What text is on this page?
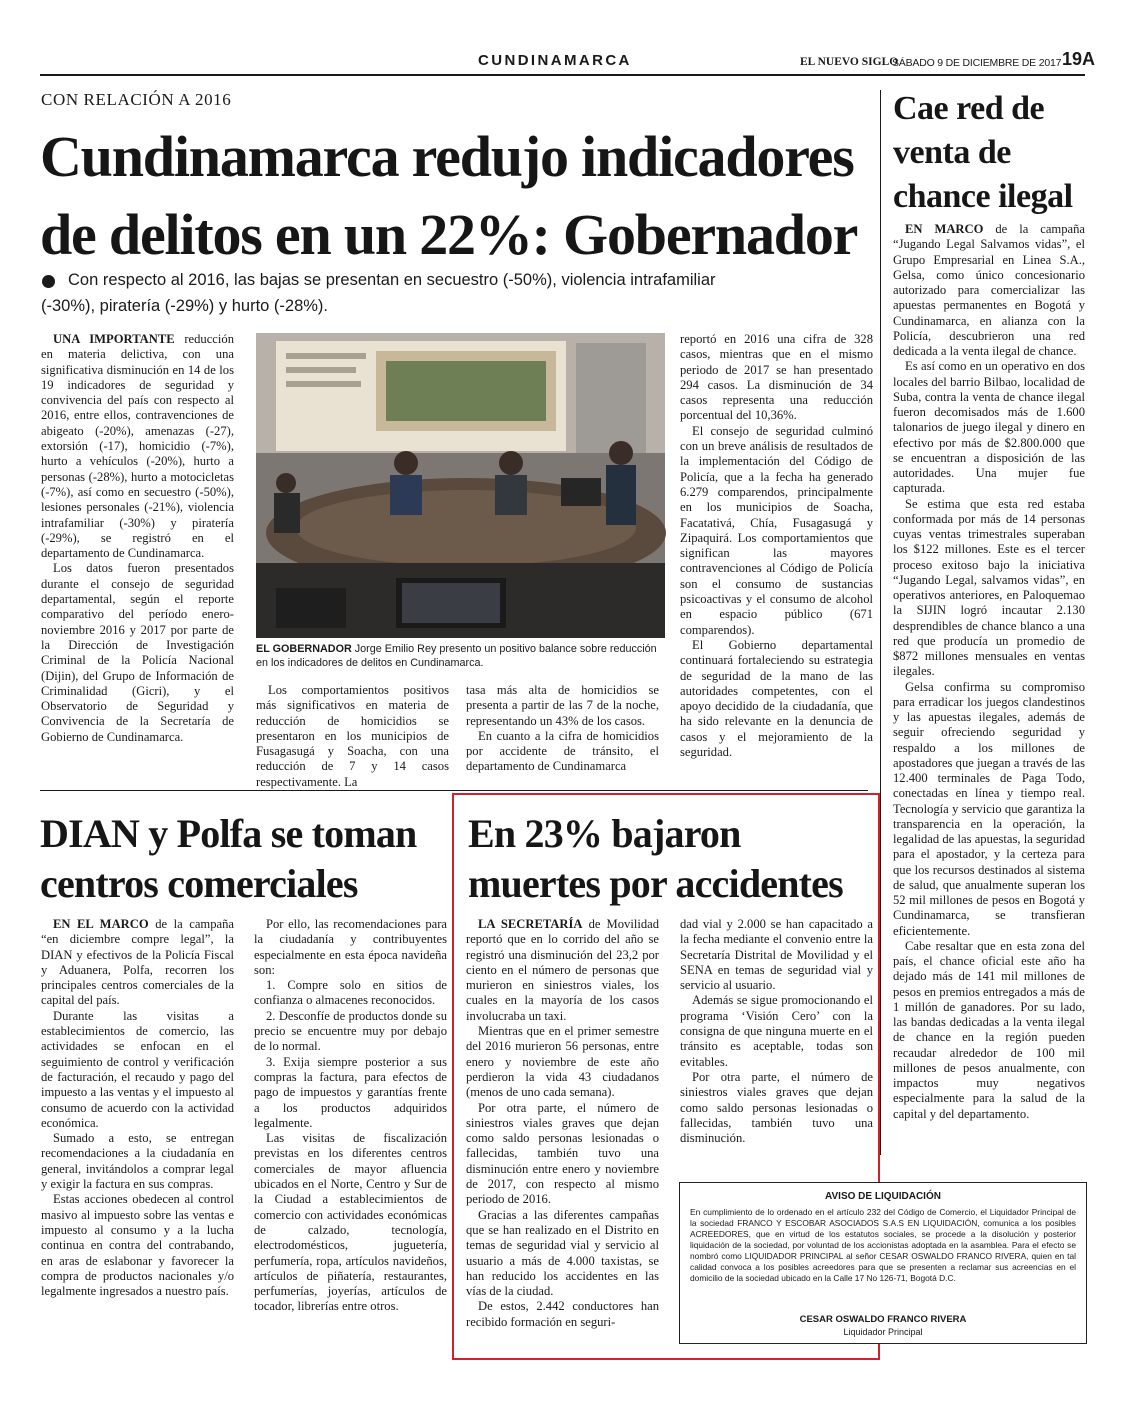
CUNDINAMARCA	EL NUEVO SIGLO
SÁBADO 9 DE DICIEMBRE DE 2017 19A
CON RELACIÓN A 2016
Cundinamarca redujo indicadores
de delitos en un 22%: Gobernador
Con respecto al 2016, las bajas se presentan en secuestro (-50%), violencia intrafamiliar
(-30%), piratería (-29%) y hurto (-28%).

UNA IMPORTANTE reducción en materia delictiva, con una significativa disminución en 14 de los 19 indicadores de seguridad y convivencia del país con respecto al 2016, entre ellos, contravenciones de abigeato (-20%), amenazas (-27), extorsión (-17), homicidio (-7%), hurto a vehículos (-20%), hurto a personas (-28%), hurto a motocicletas (-7%), así como en secuestro (-50%), lesiones personales (-21%), violencia intrafamiliar (-30%) y piratería (-29%), se registró en el departamento de Cundinamarca.

Los datos fueron presentados durante el consejo de seguridad departamental, según el reporte comparativo del período enero-noviembre 2016 y 2017 por parte de la Dirección de Investigación Criminal de la Policía Nacional (Dijin), del Grupo de Información de Criminalidad (Gicri), y el Observatorio de Seguridad y Convivencia de la Secretaría de Gobierno de Cundinamarca.

EL GOBERNADOR Jorge Emilio Rey presento un positivo balance sobre reducción en los indicadores de delitos en Cundinamarca.

Los comportamientos positivos más significativos en materia de reducción de homicidios se presentaron en los municipios de Fusagasugá y Soacha, con una reducción de 7 y 14 casos respectivamente. La

tasa más alta de homicidios se presenta a partir de las 7 de la noche, representando un 43% de los casos.

En cuanto a la cifra de homicidios por accidente de tránsito, el departamento de Cundinamarca

reportó en 2016 una cifra de 328 casos, mientras que en el mismo periodo de 2017 se han presentado 294 casos. La disminución de 34 casos representa una reducción porcentual del 10,36%.

El consejo de seguridad culminó con un breve análisis de resultados de la implementación del Código de Policía, que a la fecha ha generado 6.279 comparendos, principalmente en los municipios de Soacha, Facatativá, Chía, Fusagasugá y Zipaquirá. Los comportamientos que significan las mayores contravenciones al Código de Policía son el consumo de sustancias psicoactivas y el consumo de alcohol en espacio público (671 comparendos).

El Gobierno departamental continuará fortaleciendo su estrategia de seguridad de la mano de las autoridades competentes, con el apoyo decidido de la ciudadanía, que ha sido relevante en la denuncia de casos y el mejoramiento de la seguridad.

Cae red de
venta de
chance ilegal

EN MARCO de la campaña “Jugando Legal Salvamos vidas”, el Grupo Empresarial en Linea S.A., Gelsa, como único concesionario autorizado para comercializar las apuestas permanentes en Bogotá y Cundinamarca, en alianza con la Policía, descubrieron una red dedicada a la venta ilegal de chance.

Es así como en un operativo en dos locales del barrio Bilbao, localidad de Suba, contra la venta de chance ilegal fueron decomisados más de 1.600 talonarios de juego ilegal y dinero en efectivo por más de $2.800.000 que se encuentran a disposición de las autoridades. Una mujer fue capturada.

Se estima que esta red estaba conformada por más de 14 personas cuyas ventas trimestrales superaban los $122 millones. Este es el tercer proceso exitoso bajo la iniciativa “Jugando Legal, salvamos vidas”, en operativos anteriores, en Paloquemao la SIJIN logró incautar 2.130 desprendibles de chance blanco a una red que producía un promedio de $872 millones mensuales en ventas ilegales.

Gelsa confirma su compromiso para erradicar los juegos clandestinos y las apuestas ilegales, además de seguir ofreciendo seguridad y respaldo a los millones de apostadores que juegan a través de las 12.400 terminales de Paga Todo, conectadas en línea y tiempo real. Tecnología y servicio que garantiza la transparencia en la operación, la legalidad de las apuestas, la seguridad para el apostador, y la certeza para que los recursos destinados al sistema de salud, que anualmente superan los 52 mil millones de pesos en Bogotá y Cundinamarca, se transfieran eficientemente.

Cabe resaltar que en esta zona del país, el chance oficial este año ha dejado más de 141 mil millones de pesos en premios entregados a más de 1 millón de ganadores. Por su lado, las bandas dedicadas a la venta ilegal de chance en la región pueden recaudar alrededor de 100 mil millones de pesos anualmente, con impactos muy negativos especialmente para la salud de la capital y del departamento.

DIAN y Polfa se toman
centros comerciales

EN EL MARCO de la campaña “en diciembre compre legal”, la DIAN y efectivos de la Policía Fiscal y Aduanera, Polfa, recorren los principales centros comerciales de la capital del país.

Durante las visitas a establecimientos de comercio, las actividades se enfocan en el seguimiento de control y verificación de facturación, el recaudo y pago del impuesto a las ventas y el impuesto al consumo de acuerdo con la actividad económica.

Sumado a esto, se entregan recomendaciones a la ciudadanía en general, invitándolos a comprar legal y exigir la factura en sus compras.

Estas acciones obedecen al control masivo al impuesto sobre las ventas e impuesto al consumo y a la lucha continua en contra del contrabando, en aras de eslabonar y favorecer la compra de productos nacionales y/o legalmente ingresados a nuestro país.

Por ello, las recomendaciones para la ciudadanía y contribuyentes especialmente en esta época navideña son:

1. Compre solo en sitios de confianza o almacenes reconocidos.

2. Desconfíe de productos donde su precio se encuentre muy por debajo de lo normal.

3. Exija siempre posterior a sus compras la factura, para efectos de pago de impuestos y garantías frente a los productos adquiridos legalmente.

Las visitas de fiscalización previstas en los diferentes centros comerciales de mayor afluencia ubicados en el Norte, Centro y Sur de la Ciudad a establecimientos de comercio con actividades económicas de calzado, tecnología, electrodomésticos, juguetería, perfumería, ropa, artículos navideños, artículos de piñatería, restaurantes, perfumerías, joyerías, artículos de tocador, librerías entre otros.

En 23% bajaron
muertes por accidentes

LA SECRETARÍA de Movilidad reportó que en lo corrido del año se registró una disminución del 23,2 por ciento en el número de personas que murieron en siniestros viales, los cuales en la mayoría de los casos involucraba un taxi.

Mientras que en el primer semestre del 2016 murieron 56 personas, entre enero y noviembre de este año perdieron la vida 43 ciudadanos (menos de uno cada semana).

Por otra parte, el número de siniestros viales graves que dejan como saldo personas lesionadas o fallecidas, también tuvo una disminución entre enero y noviembre de 2017, con respecto al mismo periodo de 2016.

Gracias a las diferentes campañas que se han realizado en el Distrito en temas de seguridad vial y servicio al usuario a más de 4.000 taxistas, se han reducido los accidentes en las vías de la ciudad.

De estos, 2.442 conductores han recibido formación en seguri-

dad vial y 2.000 se han capacitado a la fecha mediante el convenio entre la Secretaría Distrital de Movilidad y el SENA en temas de seguridad vial y servicio al usuario.

Además se sigue promocionando el programa ‘Visión Cero’ con la consigna de que ninguna muerte en el tránsito es aceptable, todas son evitables.

Por otra parte, el número de siniestros viales graves que dejan como saldo personas lesionadas o fallecidas, también tuvo una disminución.

AVISO DE LIQUIDACIÓN
En cumplimiento de lo ordenado en el artículo 232 del Código de Comercio, el Liquidador Principal de la sociedad FRANCO Y ESCOBAR ASOCIADOS S.A.S EN LIQUIDACIÓN, comunica a los posibles ACREEDORES, que en virtud de los estatutos sociales, se procede a la disolución y posterior liquidación de la sociedad, por voluntad de los accionistas adoptada en la asamblea. Para el efecto se nombró como LIQUIDADOR PRINCIPAL al señor CESAR OSWALDO FRANCO RIVERA, quien en tal calidad convoca a los posibles acreedores para que se presenten a reclamar sus acreencias en el domicilio de la sociedad ubicado en la Calle 17 No 126-71, Bogotá D.C.
CESAR OSWALDO FRANCO RIVERA
Liquidador Principal
